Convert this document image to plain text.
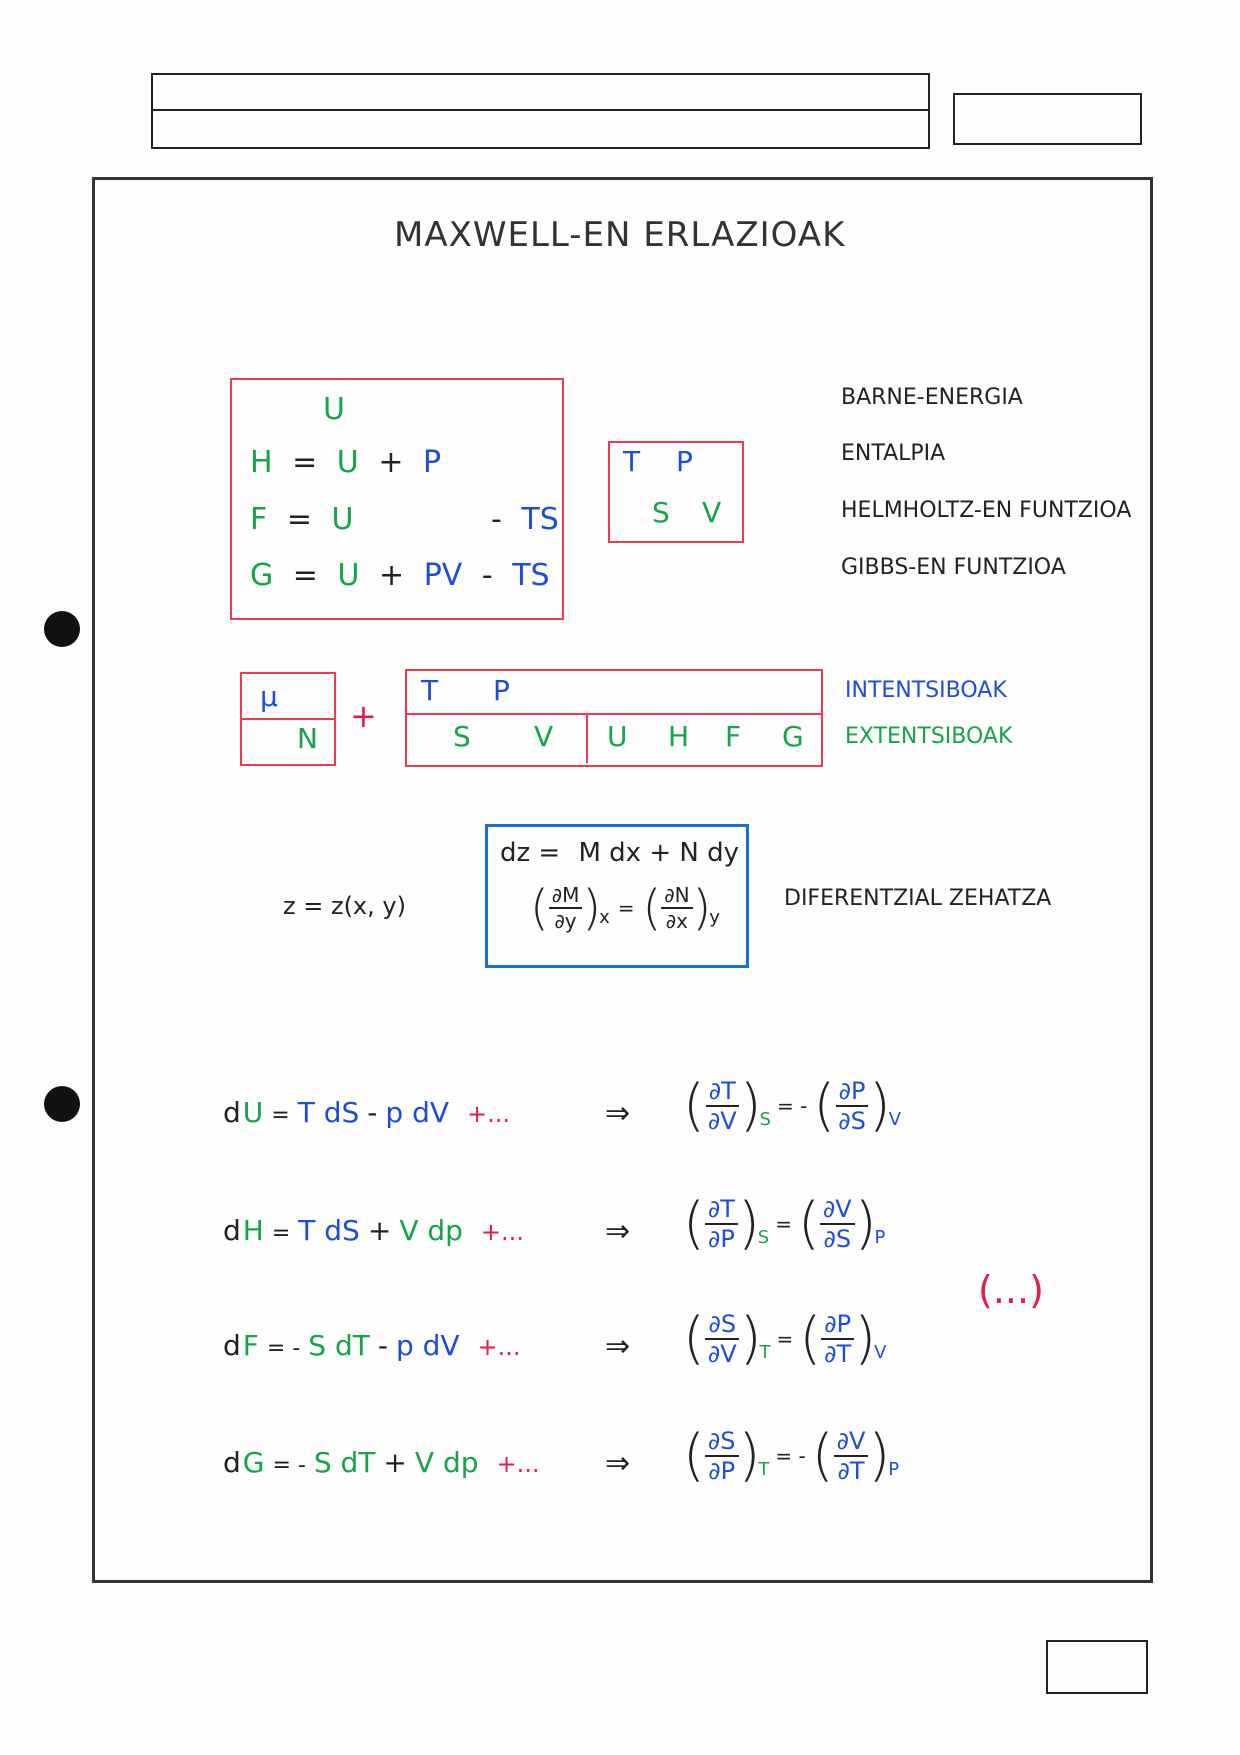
MAXWELL-EN ERLAZIOAK
U
H = U + P
F = U	- TS
G = U + PV - TS
T P
S V
BARNE-ENERGIA
ENTALPIA
HELMHOLTZ-EN FUNTZIOA
GIBBS-EN FUNTZIOA
μ
N
+
T P
S V U H F G
INTENTSIBOAK
EXTENTSIBOAK
z = z(x, y)
dz = M dx + N dy
( $\frac{\partial M}{\partial y}$ )
x = ( $\frac{\partial N}{\partial x}$ )
y
DIFERENTZIAL ZEHATZA
dU = T dS - p dV +...	⇒ ( $\frac{\partial T}{\partial V}$ )
S
= - ( $\frac{\partial P}{\partial S}$ )
V
dH = T dS + V dp +...	⇒ ( $\frac{\partial T}{\partial P}$ )
S
= ( $\frac{\partial V}{\partial S}$ )
P
dF = - S dT - p dV +...	⇒ ( $\frac{\partial S}{\partial V}$ )
T
= ( $\frac{\partial P}{\partial T}$ )
V
dG = - S dT + V dp +... ⇒ ( $\frac{\partial S}{\partial P}$ )
T
= - ( $\frac{\partial V}{\partial T}$ )
P
(...)
